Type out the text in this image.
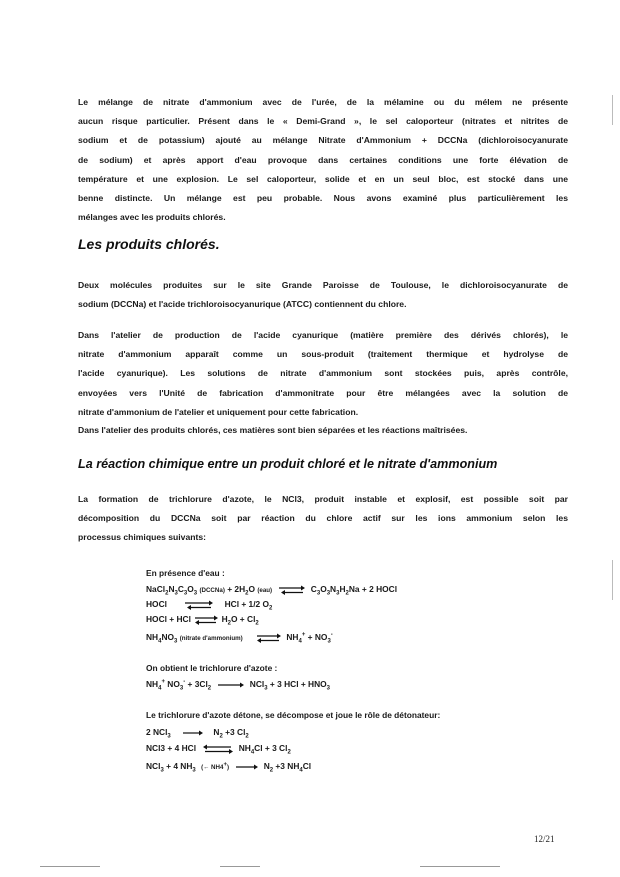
Le mélange de nitrate d'ammonium avec de l'urée, de la mélamine ou du mélem ne présente
aucun risque particulier. Présent dans le « Demi-Grand », le sel caloporteur (nitrates et nitrites de
sodium et de potassium) ajouté au mélange Nitrate d'Ammonium + DCCNa (dichloroisocyanurate
de sodium) et après apport d'eau provoque dans certaines conditions une forte élévation de
température et une explosion. Le sel caloporteur, solide et en un seul bloc, est stocké dans une
benne distincte. Un mélange est peu probable. Nous avons examiné plus particulièrement les
mélanges avec les produits chlorés.
Les produits chlorés.
Deux molécules produites sur le site Grande Paroisse de Toulouse, le dichloroisocyanurate de
sodium (DCCNa) et l'acide trichloroisocyanurique (ATCC) contiennent du chlore.
Dans l'atelier de production de l'acide cyanurique (matière première des dérivés chlorés), le
nitrate d'ammonium apparaît comme un sous-produit (traitement thermique et hydrolyse de
l'acide cyanurique). Les solutions de nitrate d'ammonium sont stockées puis, après contrôle,
envoyées vers l'Unité de fabrication d'ammonitrate pour être mélangées avec la solution de
nitrate d'ammonium de l'atelier et uniquement pour cette fabrication.
Dans l'atelier des produits chlorés, ces matières sont bien séparées et les réactions maîtrisées.
La réaction chimique entre un produit chloré et le nitrate d'ammonium
La formation de trichlorure d'azote, le NCl3, produit instable et explosif, est possible soit par
décomposition du DCCNa soit par réaction du chlore actif sur les ions ammonium selon les
processus chimiques suivants:
En présence d'eau :
$NaCl_2N_3C_3O_3$ (DCCNa) + $2H_2O$ (eau) ⇌ $C_3O_3N_3H_2Na + 2$ HOCl
HOCl	HCl + 1/2 $O_2$
HOCl + HCl ⇌ $H_2O + Cl_2$
$NH_4NO_3$ (nitrate d'ammonium) ⇌ $NH_4^+ + NO_3^-$
On obtient le trichlorure d'azote :
$NH_4^+$ $NO_3^- + 3Cl_2$	NCl$_3$ + 3 HCl + $HNO_3$
Le trichlorure d'azote détone, se décompose et joue le rôle de détonateur:
2 NCl$_3$	$N_2 +3$ $Cl_2$
NCl3 + 4 HCl ⇌ $NH_4Cl + 3$ $Cl_2$
NCl$_3$ + 4 $NH_3$ (← NH4+)	$N_2 +3$ $NH_4Cl$
12/21
